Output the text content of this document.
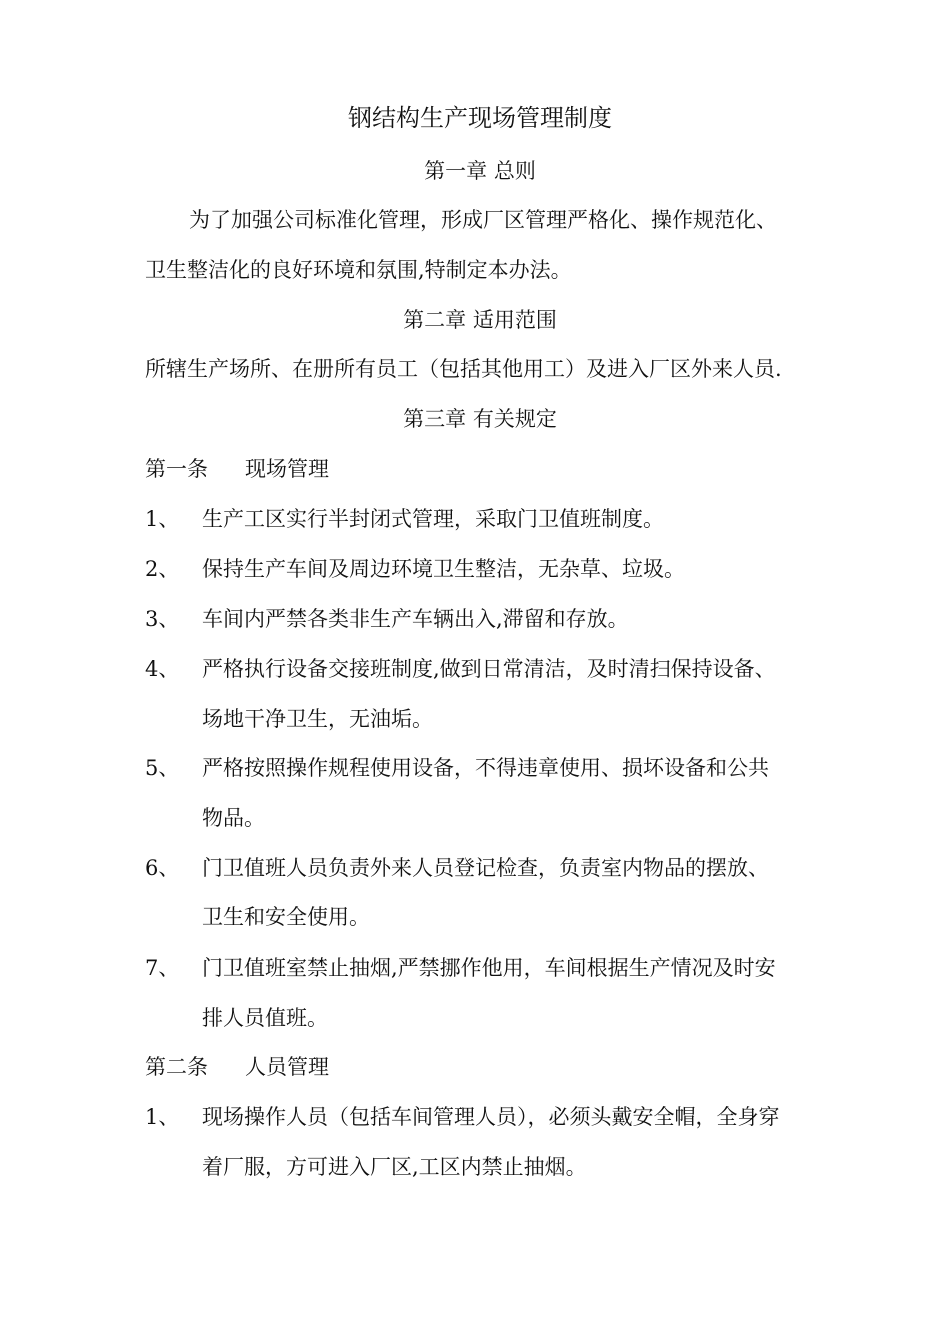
钢结构生产现场管理制度
第一章 总则
为了加强公司标准化管理，形成厂区管理严格化、操作规范化、
卫生整洁化的良好环境和氛围,特制定本办法。
第二章 适用范围
所辖生产场所、在册所有员工（包括其他用工）及进入厂区外来人员.
第三章 有关规定
第一条 现场管理
1、 生产工区实行半封闭式管理，采取门卫值班制度。
2、 保持生产车间及周边环境卫生整洁，无杂草、垃圾。
3、 车间内严禁各类非生产车辆出入,滞留和存放。
4、 严格执行设备交接班制度,做到日常清洁，及时清扫保持设备、
场地干净卫生，无油垢。
5、 严格按照操作规程使用设备，不得违章使用、损坏设备和公共
物品。
6、 门卫值班人员负责外来人员登记检查，负责室内物品的摆放、
卫生和安全使用。
7、 门卫值班室禁止抽烟,严禁挪作他用，车间根据生产情况及时安
排人员值班。
第二条 人员管理
1、 现场操作人员（包括车间管理人员），必须头戴安全帽，全身穿
着厂服，方可进入厂区,工区内禁止抽烟。
